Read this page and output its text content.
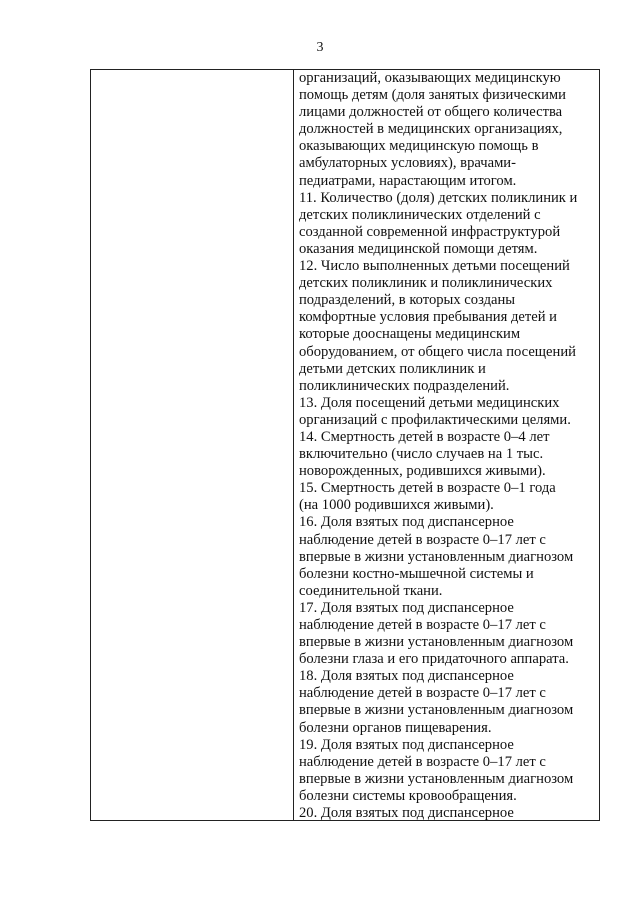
3
организаций, оказывающих медицинскую
помощь детям (доля занятых физическими
лицами должностей от общего количества
должностей в медицинских организациях,
оказывающих медицинскую помощь в
амбулаторных условиях), врачами-
педиатрами, нарастающим итогом.
11. Количество (доля) детских поликлиник и
детских поликлинических отделений с
созданной современной инфраструктурой
оказания медицинской помощи детям.
12. Число выполненных детьми посещений
детских поликлиник и поликлинических
подразделений, в которых созданы
комфортные условия пребывания детей и
которые дооснащены медицинским
оборудованием, от общего числа посещений
детьми детских поликлиник и
поликлинических подразделений.
13. Доля посещений детьми медицинских
организаций с профилактическими целями.
14. Смертность детей в возрасте 0–4 лет
включительно (число случаев на 1 тыс.
новорожденных, родившихся живыми).
15. Смертность детей в возрасте 0–1 года
(на 1000 родившихся живыми).
16. Доля взятых под диспансерное
наблюдение детей в возрасте 0–17 лет с
впервые в жизни установленным диагнозом
болезни костно-мышечной системы и
соединительной ткани.
17. Доля взятых под диспансерное
наблюдение детей в возрасте 0–17 лет с
впервые в жизни установленным диагнозом
болезни глаза и его придаточного аппарата.
18. Доля взятых под диспансерное
наблюдение детей в возрасте 0–17 лет с
впервые в жизни установленным диагнозом
болезни органов пищеварения.
19. Доля взятых под диспансерное
наблюдение детей в возрасте 0–17 лет с
впервые в жизни установленным диагнозом
болезни системы кровообращения.
20. Доля взятых под диспансерное
